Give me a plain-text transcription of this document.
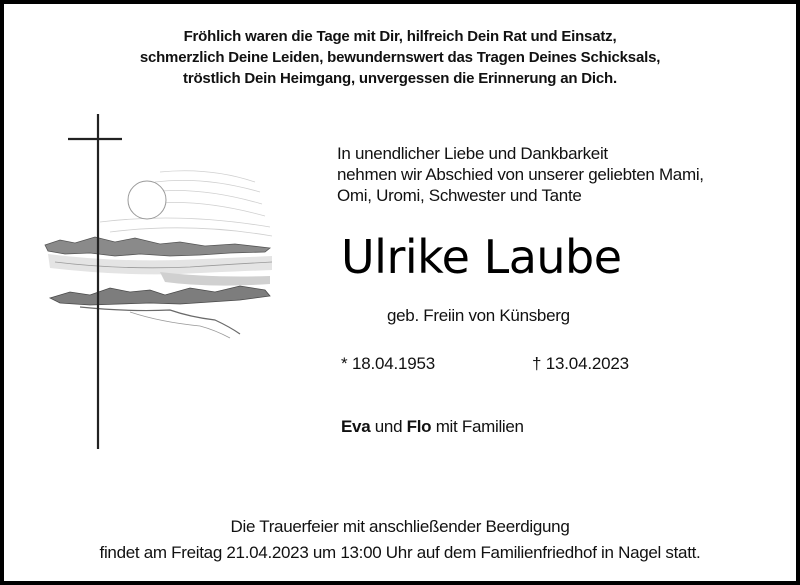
Fröhlich waren die Tage mit Dir, hilfreich Dein Rat und Einsatz,
schmerzlich Deine Leiden, bewundernswert das Tragen Deines Schicksals,
tröstlich Dein Heimgang, unvergessen die Erinnerung an Dich.
In unendlicher Liebe und Dankbarkeit
nehmen wir Abschied von unserer geliebten Mami,
Omi, Uromi, Schwester und Tante
Ulrike Laube
geb. Freiin von Künsberg
* 18.04.1953	† 13.04.2023
Eva und Flo mit Familien
Die Trauerfeier mit anschließender Beerdigung
findet am Freitag 21.04.2023 um 13:00 Uhr auf dem Familienfriedhof in Nagel statt.
